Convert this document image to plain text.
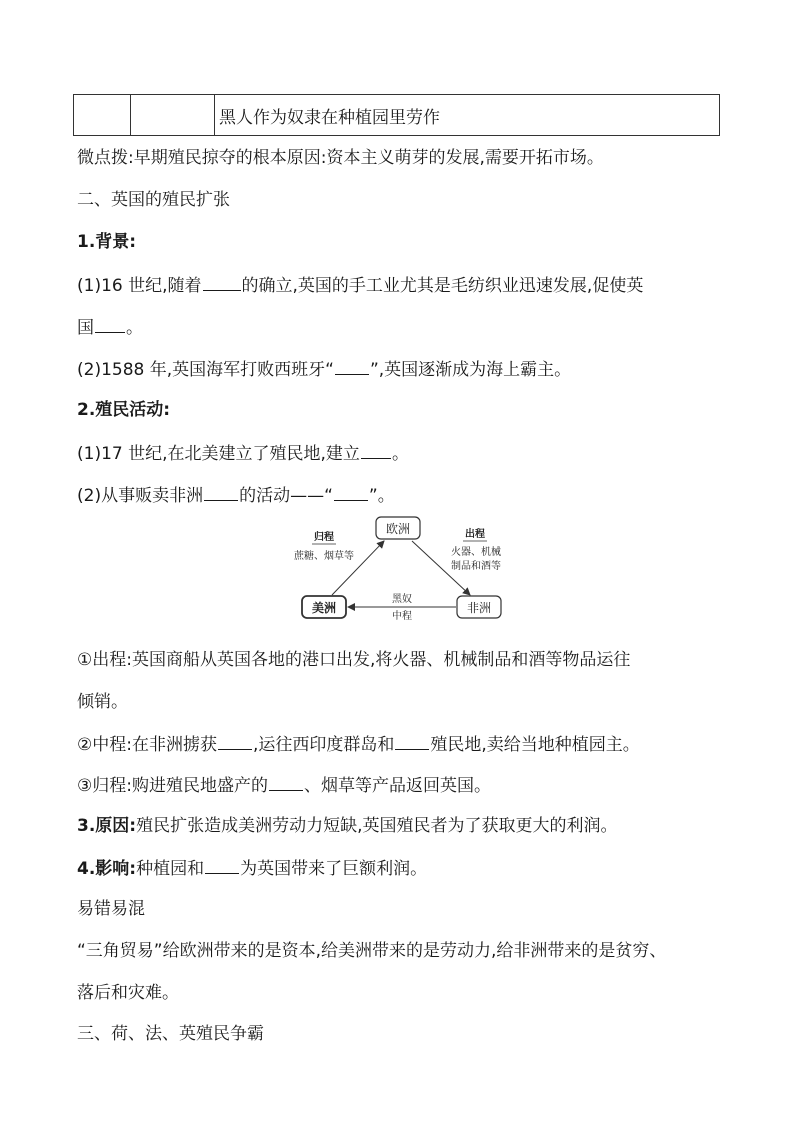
		黑人作为奴隶在种植园里劳作
微点拨:早期殖民掠夺的根本原因:资本主义萌芽的发展,需要开拓市场。
二、英国的殖民扩张
1.背景:
(1)16 世纪,随着 的确立,英国的手工业尤其是毛纺织业迅速发展,促使英
国 。
(2)1588 年,英国海军打败西班牙“ ”,英国逐渐成为海上霸主。
2.殖民活动:
(1)17 世纪,在北美建立了殖民地,建立 。
(2)从事贩卖非洲 的活动——“ ”。
欧洲
美洲	非洲
归程
蔗糖、烟草等
出程
火器、机械
制品和酒等
黑奴
中程
①出程:英国商船从英国各地的港口出发,将火器、机械制品和酒等物品运往
倾销。
②中程:在非洲掳获 ,运往西印度群岛和 殖民地,卖给当地种植园主。
③归程:购进殖民地盛产的 、烟草等产品返回英国。
3.原因:殖民扩张造成美洲劳动力短缺,英国殖民者为了获取更大的利润。
4.影响:种植园和 为英国带来了巨额利润。
易错易混
“三角贸易”给欧洲带来的是资本,给美洲带来的是劳动力,给非洲带来的是贫穷、
落后和灾难。
三、荷、法、英殖民争霸
